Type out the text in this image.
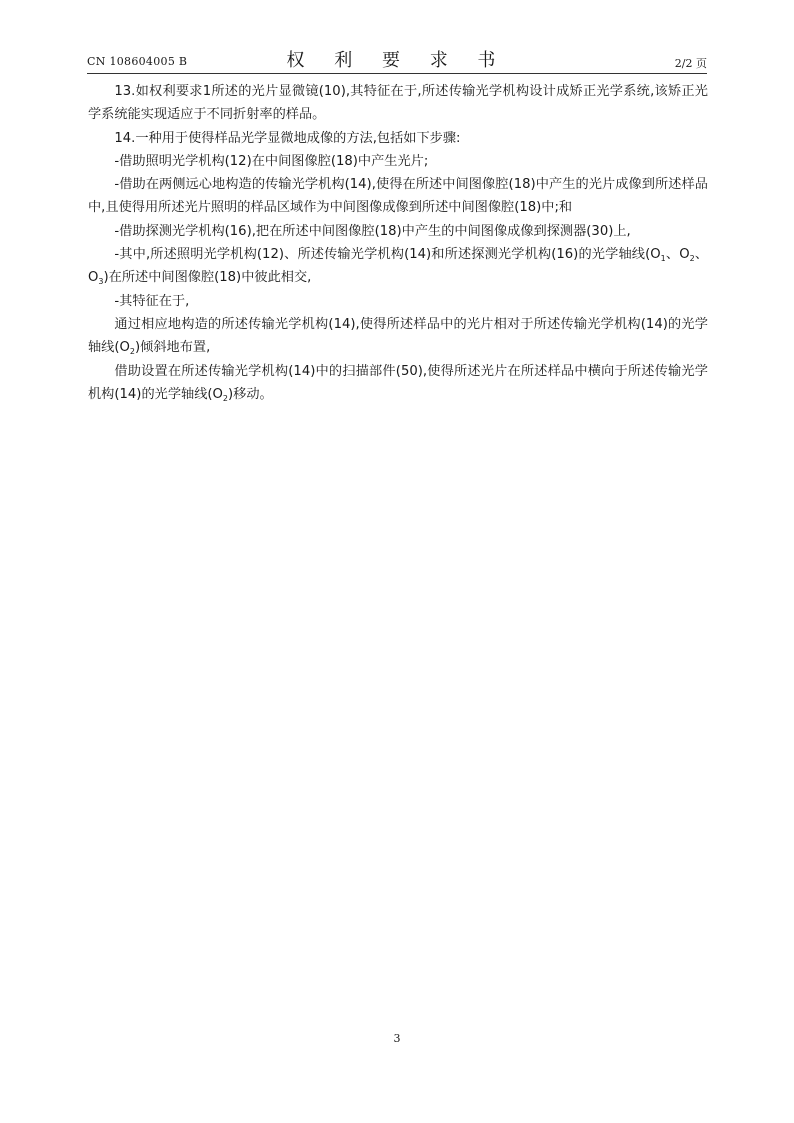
CN 108604005 B	权 利 要 求 书	2/2 页

13.如权利要求1所述的光片显微镜(10),其特征在于,所述传输光学机构设计成矫正光学系统,该矫正光学系统能实现适应于不同折射率的样品。

14.一种用于使得样品光学显微地成像的方法,包括如下步骤:

-借助照明光学机构(12)在中间图像腔(18)中产生光片;

-借助在两侧远心地构造的传输光学机构(14),使得在所述中间图像腔(18)中产生的光片成像到所述样品中,且使得用所述光片照明的样品区域作为中间图像成像到所述中间图像腔(18)中;和

-借助探测光学机构(16),把在所述中间图像腔(18)中产生的中间图像成像到探测器(30)上,

-其中,所述照明光学机构(12)、所述传输光学机构(14)和所述探测光学机构(16)的光学轴线($O_1$、$O_2$、$O_3$)在所述中间图像腔(18)中彼此相交,

-其特征在于,

通过相应地构造的所述传输光学机构(14),使得所述样品中的光片相对于所述传输光学机构(14)的光学轴线$(O_2)$倾斜地布置,

借助设置在所述传输光学机构(14)中的扫描部件(50),使得所述光片在所述样品中横向于所述传输光学机构(14)的光学轴线$(O_2)$移动。

3
